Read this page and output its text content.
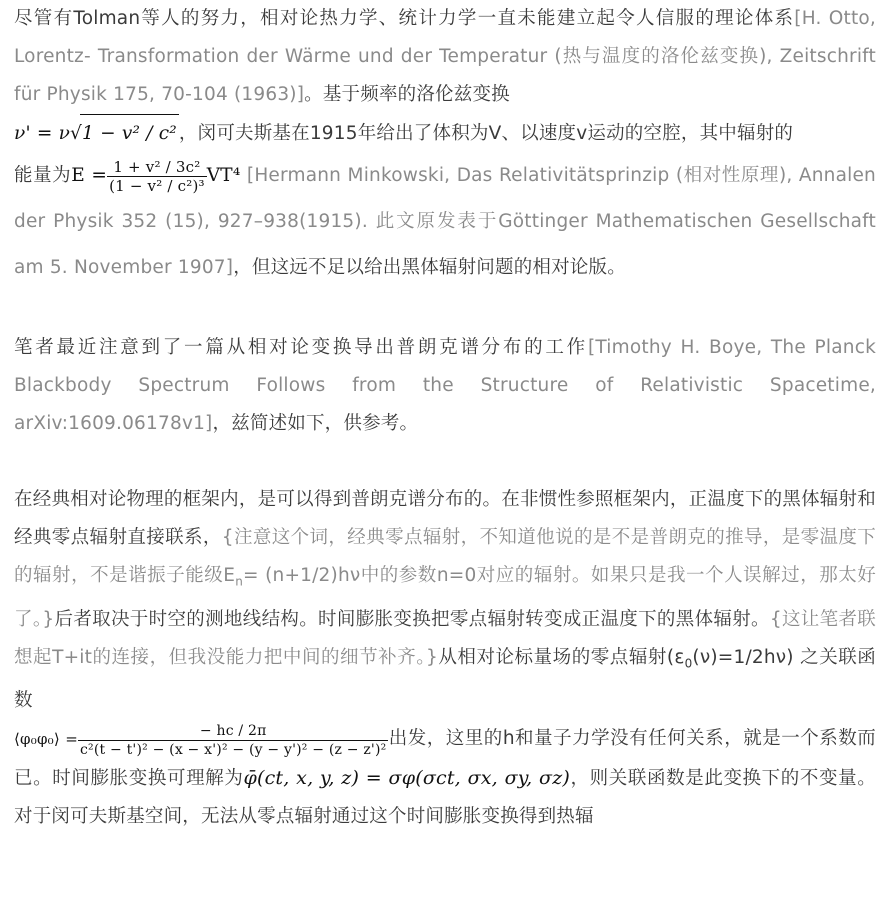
尽管有Tolman等人的努力，相对论热力学、统计力学一直未能建立起令人信服的理论体系[H. Otto, Lorentz- Transformation der Wärme und der Temperatur (热与温度的洛伦兹变换), Zeitschrift für Physik 175, 70-104 (1963)]。基于频率的洛伦兹变换
ν' = ν√1 − v² / c² ，闵可夫斯基在1915年给出了体积为V、以速度v运动的空腔，其中辐射的
能量为$E = \frac{\text{1 + v² / 3c²}}{\text{(1 − v² / c²)³}} VT^4$ [Hermann Minkowski, Das Relativitätsprinzip (相对性原理), Annalen der Physik 352 (15), 927–938(1915). 此文原发表于Göttinger Mathematischen Gesellschaft am 5. November 1907]，但这远不足以给出黑体辐射问题的相对论版。

笔者最近注意到了一篇从相对论变换导出普朗克谱分布的工作[Timothy H. Boye, The Planck Blackbody Spectrum Follows from the Structure of Relativistic Spacetime, arXiv:1609.06178v1]，兹简述如下，供参考。

在经典相对论物理的框架内，是可以得到普朗克谱分布的。在非惯性参照框架内，正温度下的黑体辐射和经典零点辐射直接联系，{注意这个词，经典零点辐射，不知道他说的是不是普朗克的推导，是零温度下的辐射，不是谐振子能级$E_n= (n+1/2)h\nu$中的参数n=0对应的辐射。如果只是我一个人误解过，那太好了。}后者取决于时空的测地线结构。时间膨胀变换把零点辐射转变成正温度下的黑体辐射。{这让笔者联想起T+it的连接，但我没能力把中间的细节补齐。}从相对论标量场的零点辐射$(\varepsilon_0(\nu)=1/2h\nu)$ 之关联函数
⟨φ₀φ₀⟩ = $\frac{- hc / 2\pi}{\text{c²(t − t')² − (x − x')² − (y − y')² − (z − z')²}}$ 出发，这里的h和量子力学没有任何关系，就是一个系数而已。时间膨胀变换可理解为φ̄(ct, x, y, z) = σφ(σct, σx, σy, σz)，则关联函数是此变换下的不变量。对于闵可夫斯基空间，无法从零点辐射通过这个时间膨胀变换得到热辐
